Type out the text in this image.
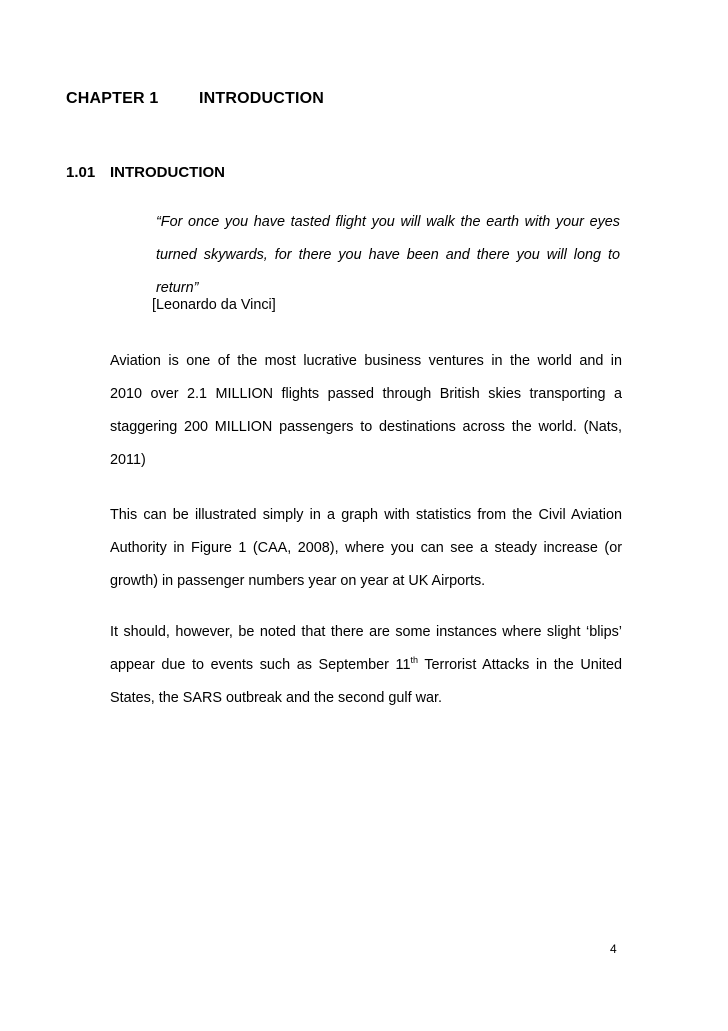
CHAPTER 1	INTRODUCTION
1.01 INTRODUCTION
“For once you have tasted flight you will walk the earth with your eyes
turned skywards, for there you have been and there you will long to
return”
[Leonardo da Vinci]
Aviation is one of the most lucrative business ventures in the world and in
2010 over 2.1 MILLION flights passed through British skies transporting a
staggering 200 MILLION passengers to destinations across the world. (Nats,
2011)
This can be illustrated simply in a graph with statistics from the Civil Aviation
Authority in Figure 1 (CAA, 2008), where you can see a steady increase (or
growth) in passenger numbers year on year at UK Airports.
It should, however, be noted that there are some instances where slight ‘blips’
appear due to events such as September 11th Terrorist Attacks in the United
States, the SARS outbreak and the second gulf war.
4
